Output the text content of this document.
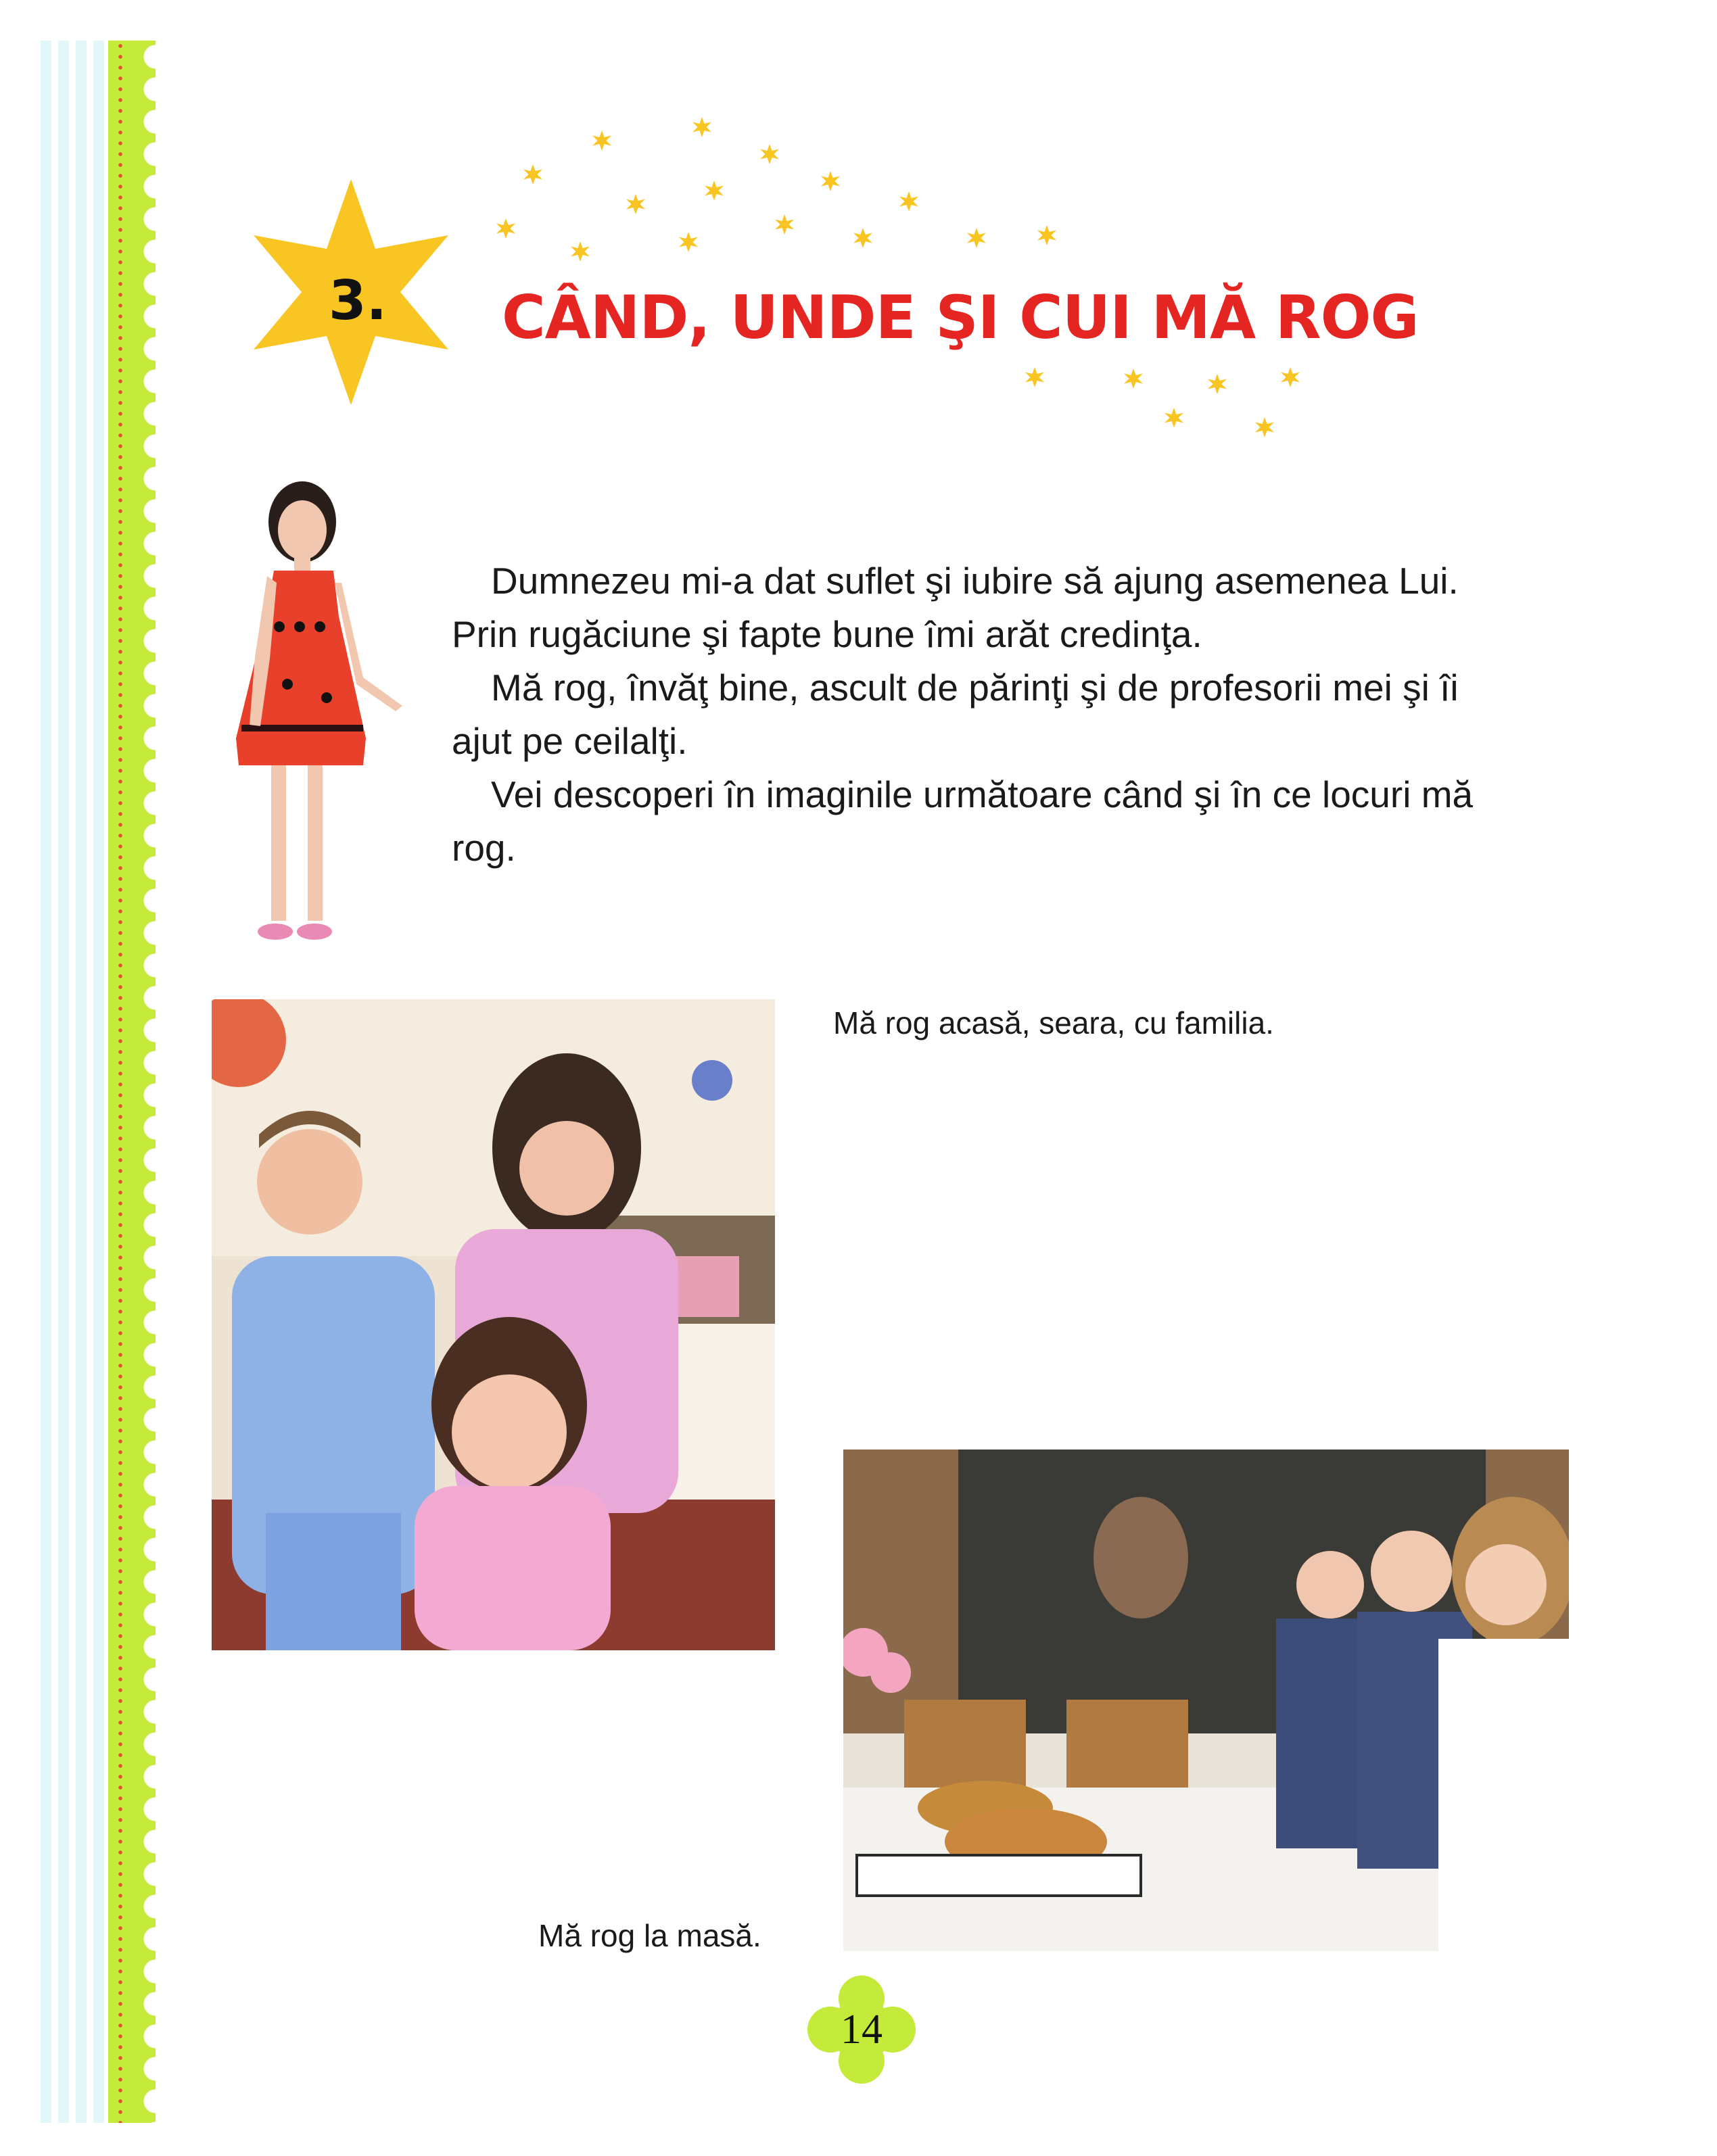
3. CÂND, UNDE ŞI CUI MĂ ROG

Dumnezeu mi-a dat suflet şi iubire să ajung asemenea Lui. Prin rugăciune şi fapte bune îmi arăt credinţa.

Mă rog, învăţ bine, ascult de părinţi şi de profesorii mei şi îi ajut pe ceilalţi.

Vei descoperi în imaginile următoare când şi în ce locuri mă rog.

Mă rog acasă, seara, cu familia.
Mă rog la masă.
14
